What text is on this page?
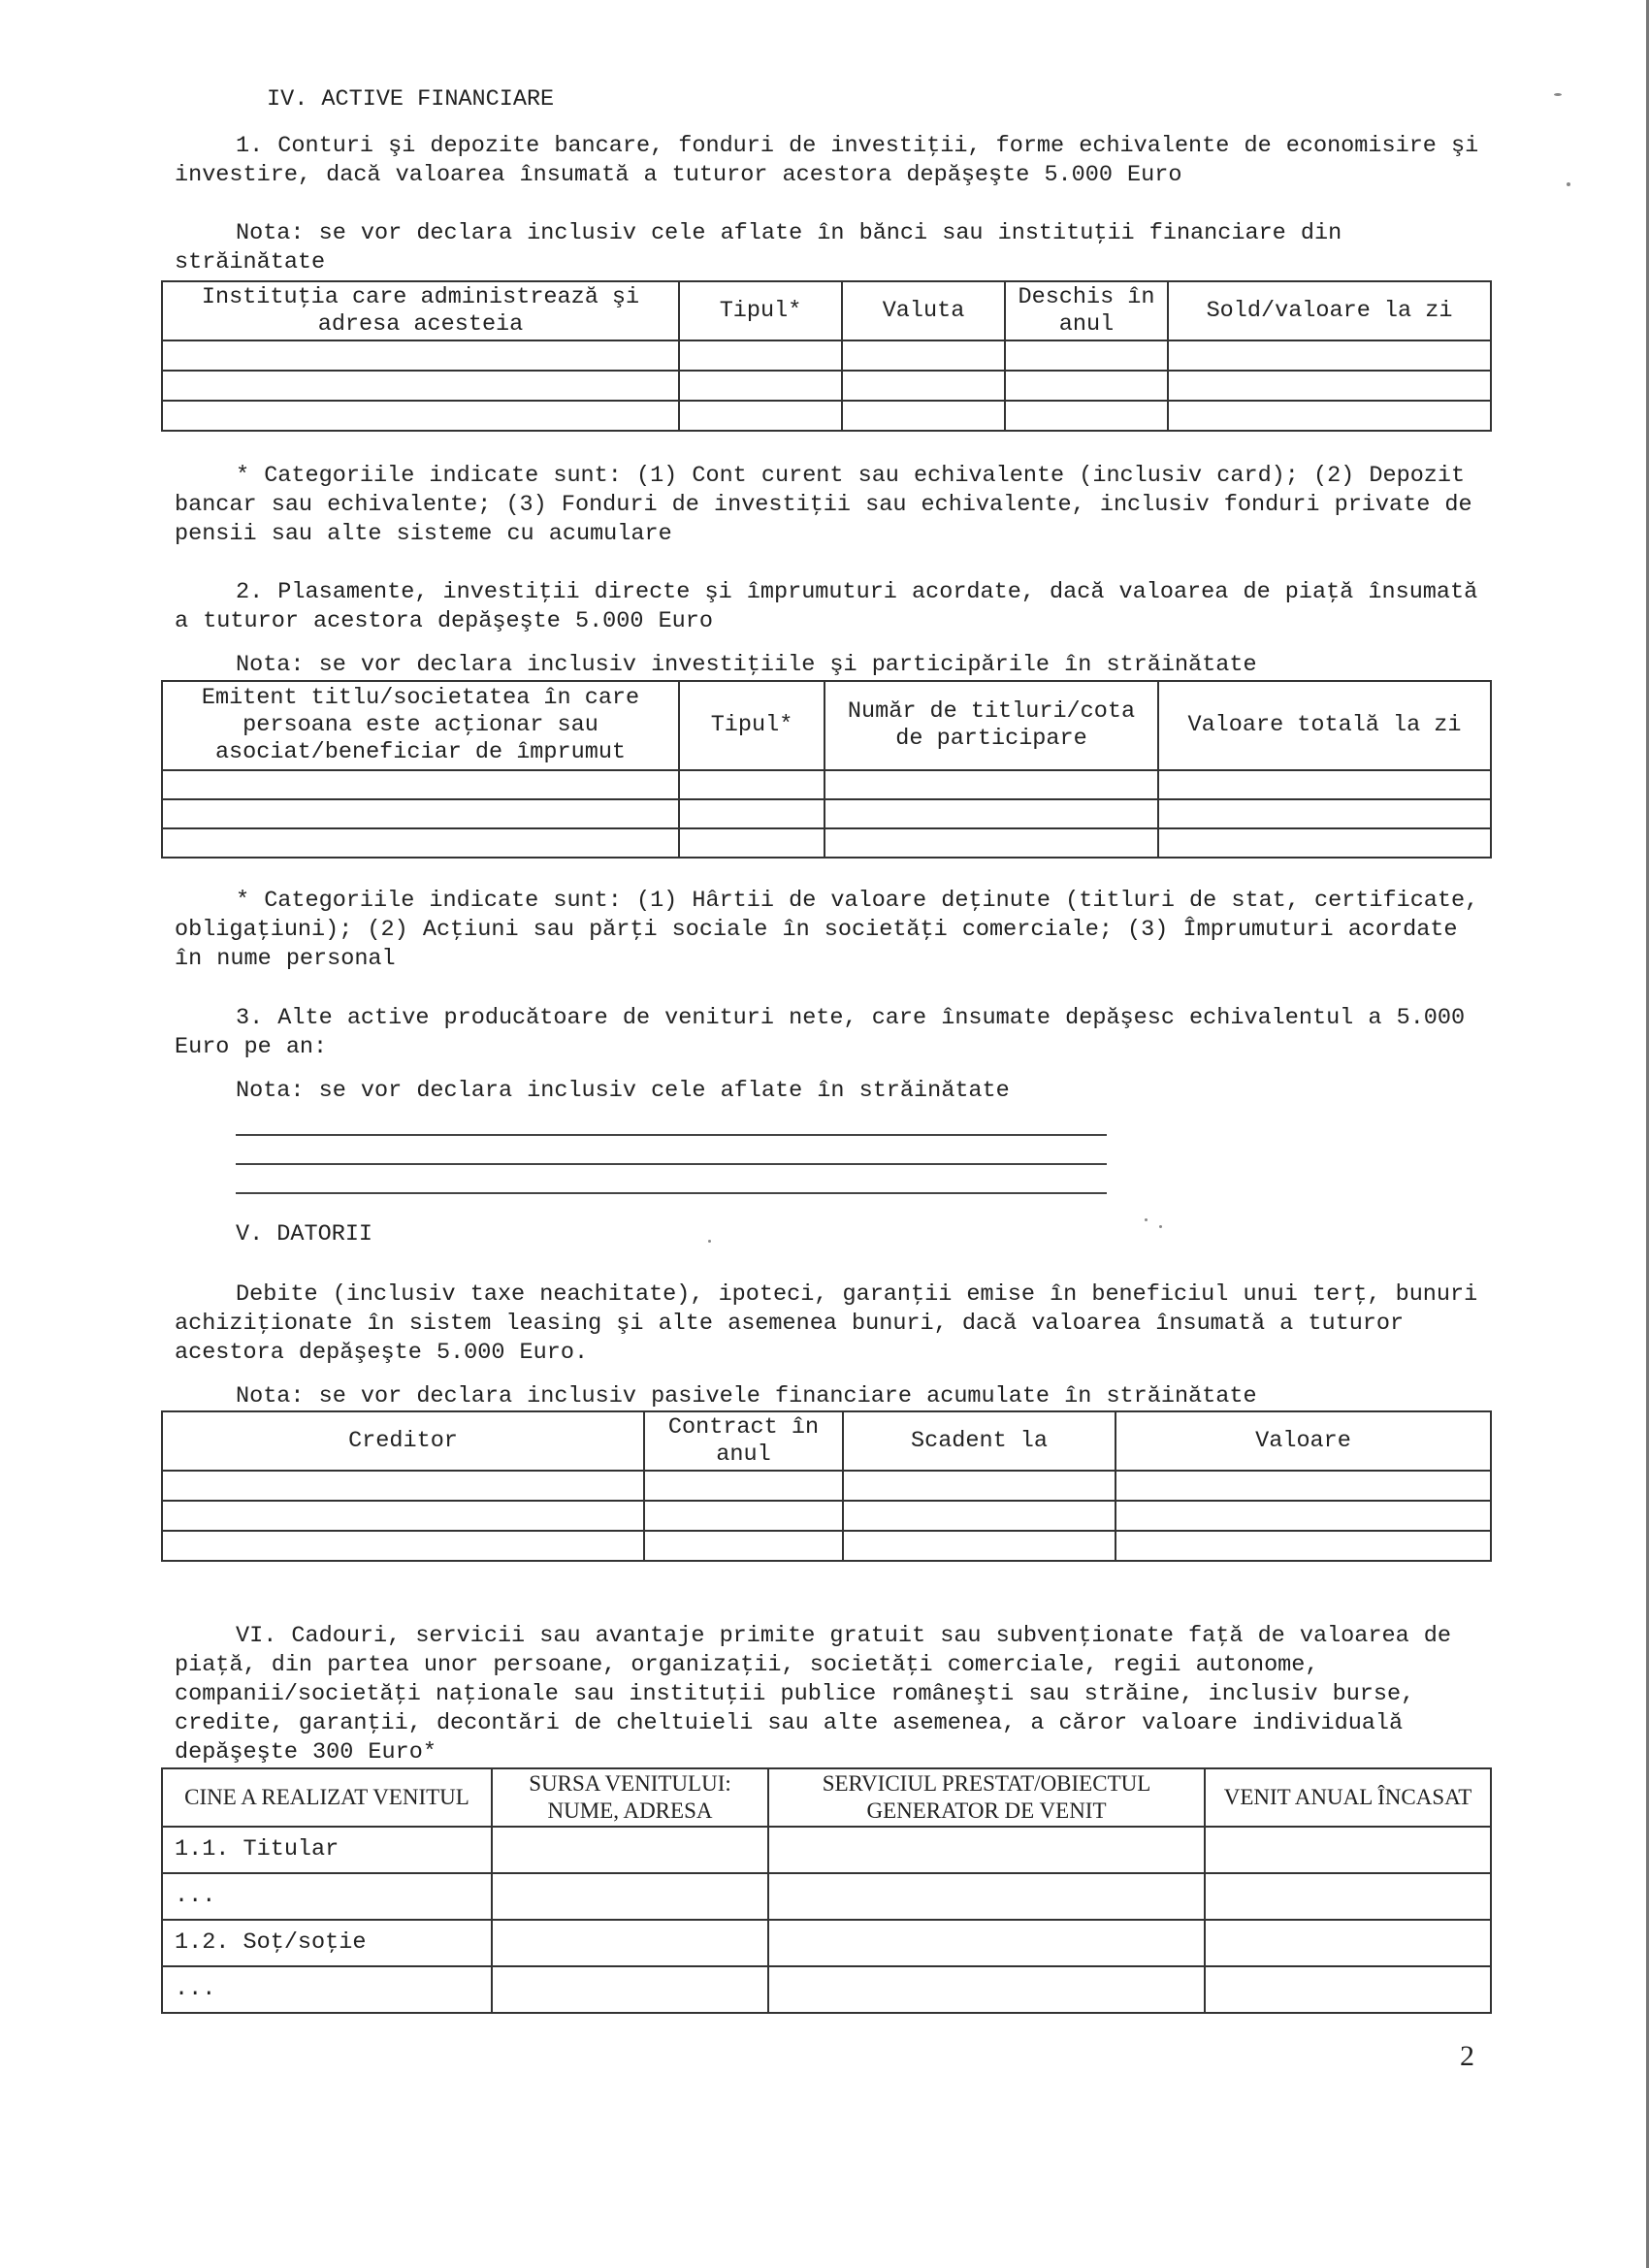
IV. ACTIVE FINANCIARE

1. Conturi şi depozite bancare, fonduri de investiţii, forme echivalente de economisire şi investire, dacă valoarea însumată a tuturor acestora depăşeşte 5.000 Euro

Nota: se vor declara inclusiv cele aflate în bănci sau instituţii financiare din străinătate

Instituţia care administrează şi adresa acesteia	Tipul*	Valuta	Deschis în anul	Sold/valoare la zi

* Categoriile indicate sunt: (1) Cont curent sau echivalente (inclusiv card); (2) Depozit bancar sau echivalente; (3) Fonduri de investiţii sau echivalente, inclusiv fonduri private de pensii sau alte sisteme cu acumulare

2. Plasamente, investiţii directe şi împrumuturi acordate, dacă valoarea de piaţă însumată a tuturor acestora depăşeşte 5.000 Euro

Nota: se vor declara inclusiv investiţiile şi participările în străinătate

Emitent titlu/societatea în care persoana este acţionar sau asociat/beneficiar de împrumut	Tipul*	Număr de titluri/cota de participare	Valoare totală la zi

* Categoriile indicate sunt: (1) Hârtii de valoare deţinute (titluri de stat, certificate, obligaţiuni); (2) Acţiuni sau părţi sociale în societăţi comerciale; (3) Împrumuturi acordate în nume personal

3. Alte active producătoare de venituri nete, care însumate depăşesc echivalentul a 5.000 Euro pe an:

Nota: se vor declara inclusiv cele aflate în străinătate

V. DATORII

Debite (inclusiv taxe neachitate), ipoteci, garanţii emise în beneficiul unui terţ, bunuri achiziţionate în sistem leasing şi alte asemenea bunuri, dacă valoarea însumată a tuturor acestora depăşeşte 5.000 Euro.

Nota: se vor declara inclusiv pasivele financiare acumulate în străinătate

Creditor	Contract în anul	Scadent la	Valoare

VI. Cadouri, servicii sau avantaje primite gratuit sau subvenţionate faţă de valoarea de piaţă, din partea unor persoane, organizaţii, societăţi comerciale, regii autonome, companii/societăţi naţionale sau instituţii publice româneşti sau străine, inclusiv burse, credite, garanţii, decontări de cheltuieli sau alte asemenea, a căror valoare individuală depăşeşte 300 Euro*

CINE A REALIZAT VENITUL	SURSA VENITULUI: NUME, ADRESA	SERVICIUL PRESTAT/OBIECTUL GENERATOR DE VENIT	VENIT ANUAL ÎNCASAT
1.1. Titular			
...			
1.2. Soţ/soţie			
...			
2
